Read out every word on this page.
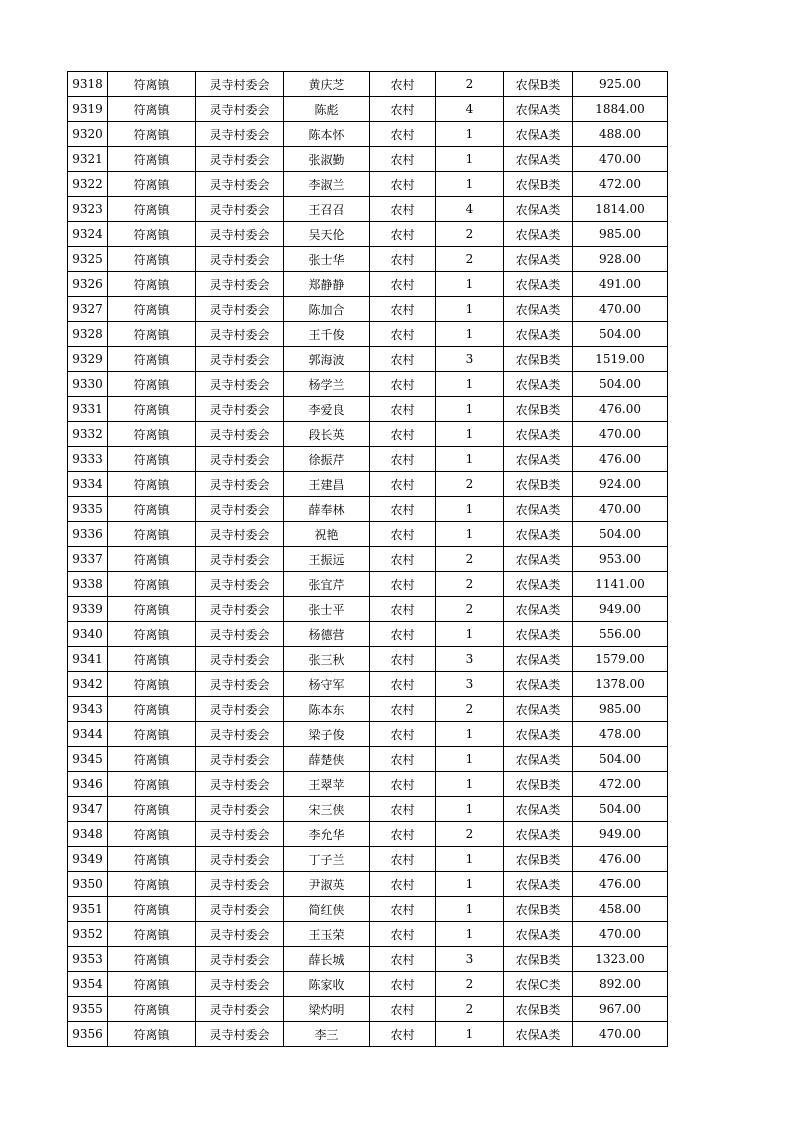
9318	符离镇	灵寺村委会	黄庆芝	农村	2	农保B类	925.00
9319	符离镇	灵寺村委会	陈彪	农村	4	农保A类	1884.00
9320	符离镇	灵寺村委会	陈本怀	农村	1	农保A类	488.00
9321	符离镇	灵寺村委会	张淑勤	农村	1	农保A类	470.00
9322	符离镇	灵寺村委会	李淑兰	农村	1	农保B类	472.00
9323	符离镇	灵寺村委会	王召召	农村	4	农保A类	1814.00
9324	符离镇	灵寺村委会	吴天伦	农村	2	农保A类	985.00
9325	符离镇	灵寺村委会	张士华	农村	2	农保A类	928.00
9326	符离镇	灵寺村委会	郑静静	农村	1	农保A类	491.00
9327	符离镇	灵寺村委会	陈加合	农村	1	农保A类	470.00
9328	符离镇	灵寺村委会	王千俊	农村	1	农保A类	504.00
9329	符离镇	灵寺村委会	郭海波	农村	3	农保B类	1519.00
9330	符离镇	灵寺村委会	杨学兰	农村	1	农保A类	504.00
9331	符离镇	灵寺村委会	李爱良	农村	1	农保B类	476.00
9332	符离镇	灵寺村委会	段长英	农村	1	农保A类	470.00
9333	符离镇	灵寺村委会	徐振芹	农村	1	农保A类	476.00
9334	符离镇	灵寺村委会	王建昌	农村	2	农保B类	924.00
9335	符离镇	灵寺村委会	薛奉林	农村	1	农保A类	470.00
9336	符离镇	灵寺村委会	祝艳	农村	1	农保A类	504.00
9337	符离镇	灵寺村委会	王振远	农村	2	农保A类	953.00
9338	符离镇	灵寺村委会	张宜芹	农村	2	农保A类	1141.00
9339	符离镇	灵寺村委会	张士平	农村	2	农保A类	949.00
9340	符离镇	灵寺村委会	杨德营	农村	1	农保A类	556.00
9341	符离镇	灵寺村委会	张三秋	农村	3	农保A类	1579.00
9342	符离镇	灵寺村委会	杨守军	农村	3	农保A类	1378.00
9343	符离镇	灵寺村委会	陈本东	农村	2	农保A类	985.00
9344	符离镇	灵寺村委会	梁子俊	农村	1	农保A类	478.00
9345	符离镇	灵寺村委会	薛楚侠	农村	1	农保A类	504.00
9346	符离镇	灵寺村委会	王翠苹	农村	1	农保B类	472.00
9347	符离镇	灵寺村委会	宋三侠	农村	1	农保A类	504.00
9348	符离镇	灵寺村委会	李允华	农村	2	农保A类	949.00
9349	符离镇	灵寺村委会	丁子兰	农村	1	农保B类	476.00
9350	符离镇	灵寺村委会	尹淑英	农村	1	农保A类	476.00
9351	符离镇	灵寺村委会	简红侠	农村	1	农保B类	458.00
9352	符离镇	灵寺村委会	王玉荣	农村	1	农保A类	470.00
9353	符离镇	灵寺村委会	薛长城	农村	3	农保B类	1323.00
9354	符离镇	灵寺村委会	陈家收	农村	2	农保C类	892.00
9355	符离镇	灵寺村委会	梁灼明	农村	2	农保B类	967.00
9356	符离镇	灵寺村委会	李三	农村	1	农保A类	470.00
